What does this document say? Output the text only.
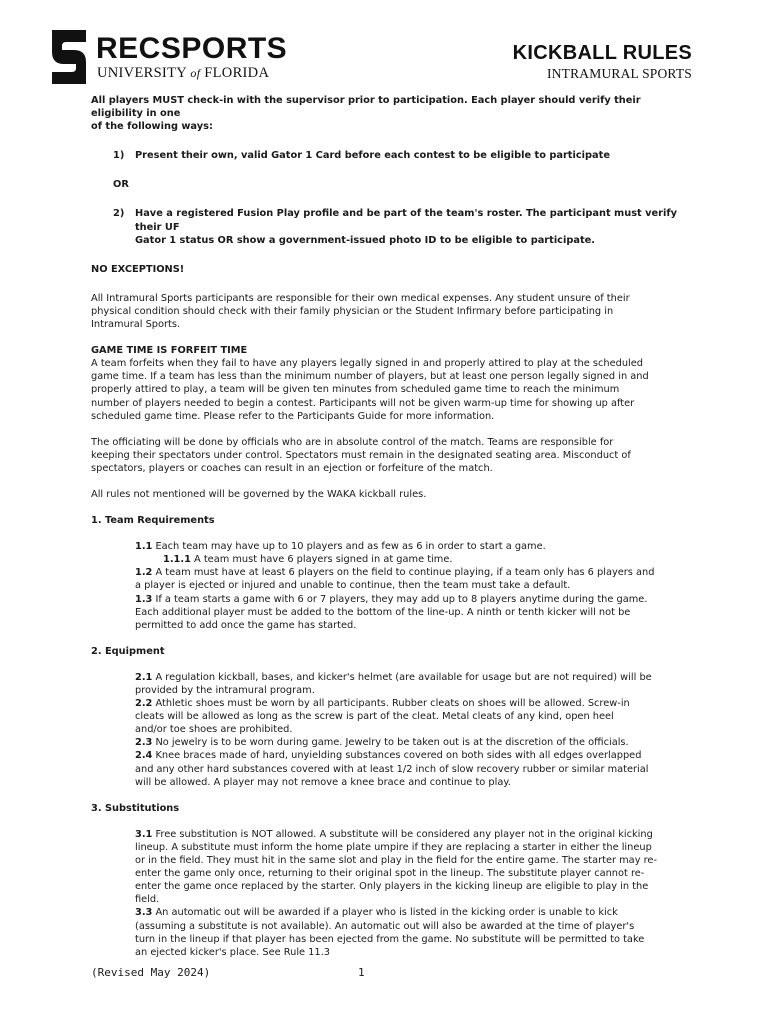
RECSPORTS
UNIVERSITY of FLORIDA
KICKBALL RULES
INTRAMURAL SPORTS

All players MUST check-in with the supervisor prior to participation. Each player should verify their eligibility in one
of the following ways:

1)	Present their own, valid Gator 1 Card before each contest to be eligible to participate

OR

2)	Have a registered Fusion Play profile and be part of the team's roster. The participant must verify their UF
Gator 1 status OR show a government-issued photo ID to be eligible to participate.

NO EXCEPTIONS!

All Intramural Sports participants are responsible for their own medical expenses. Any student unsure of their
physical condition should check with their family physician or the Student Infirmary before participating in
Intramural Sports.

GAME TIME IS FORFEIT TIME

A team forfeits when they fail to have any players legally signed in and properly attired to play at the scheduled
game time. If a team has less than the minimum number of players, but at least one person legally signed in and
properly attired to play, a team will be given ten minutes from scheduled game time to reach the minimum
number of players needed to begin a contest. Participants will not be given warm-up time for showing up after
scheduled game time. Please refer to the Participants Guide for more information.

The officiating will be done by officials who are in absolute control of the match. Teams are responsible for
keeping their spectators under control. Spectators must remain in the designated seating area. Misconduct of
spectators, players or coaches can result in an ejection or forfeiture of the match.

All rules not mentioned will be governed by the WAKA kickball rules.

1. Team Requirements

1.1 Each team may have up to 10 players and as few as 6 in order to start a game.

1.1.1 A team must have 6 players signed in at game time.

1.2 A team must have at least 6 players on the field to continue playing, if a team only has 6 players and
a player is ejected or injured and unable to continue, then the team must take a default.

1.3 If a team starts a game with 6 or 7 players, they may add up to 8 players anytime during the game.
Each additional player must be added to the bottom of the line-up. A ninth or tenth kicker will not be
permitted to add once the game has started.

2. Equipment

2.1 A regulation kickball, bases, and kicker's helmet (are available for usage but are not required) will be
provided by the intramural program.

2.2 Athletic shoes must be worn by all participants. Rubber cleats on shoes will be allowed. Screw-in
cleats will be allowed as long as the screw is part of the cleat. Metal cleats of any kind, open heel
and/or toe shoes are prohibited.

2.3 No jewelry is to be worn during game. Jewelry to be taken out is at the discretion of the officials.

2.4 Knee braces made of hard, unyielding substances covered on both sides with all edges overlapped
and any other hard substances covered with at least 1/2 inch of slow recovery rubber or similar material
will be allowed. A player may not remove a knee brace and continue to play.

3. Substitutions

3.1 Free substitution is NOT allowed. A substitute will be considered any player not in the original kicking
lineup. A substitute must inform the home plate umpire if they are replacing a starter in either the lineup
or in the field. They must hit in the same slot and play in the field for the entire game. The starter may re-
enter the game only once, returning to their original spot in the lineup. The substitute player cannot re-
enter the game once replaced by the starter. Only players in the kicking lineup are eligible to play in the
field.

3.3 An automatic out will be awarded if a player who is listed in the kicking order is unable to kick
(assuming a substitute is not available). An automatic out will also be awarded at the time of player's
turn in the lineup if that player has been ejected from the game. No substitute will be permitted to take
an ejected kicker's place. See Rule 11.3

(Revised May 2024)	1
